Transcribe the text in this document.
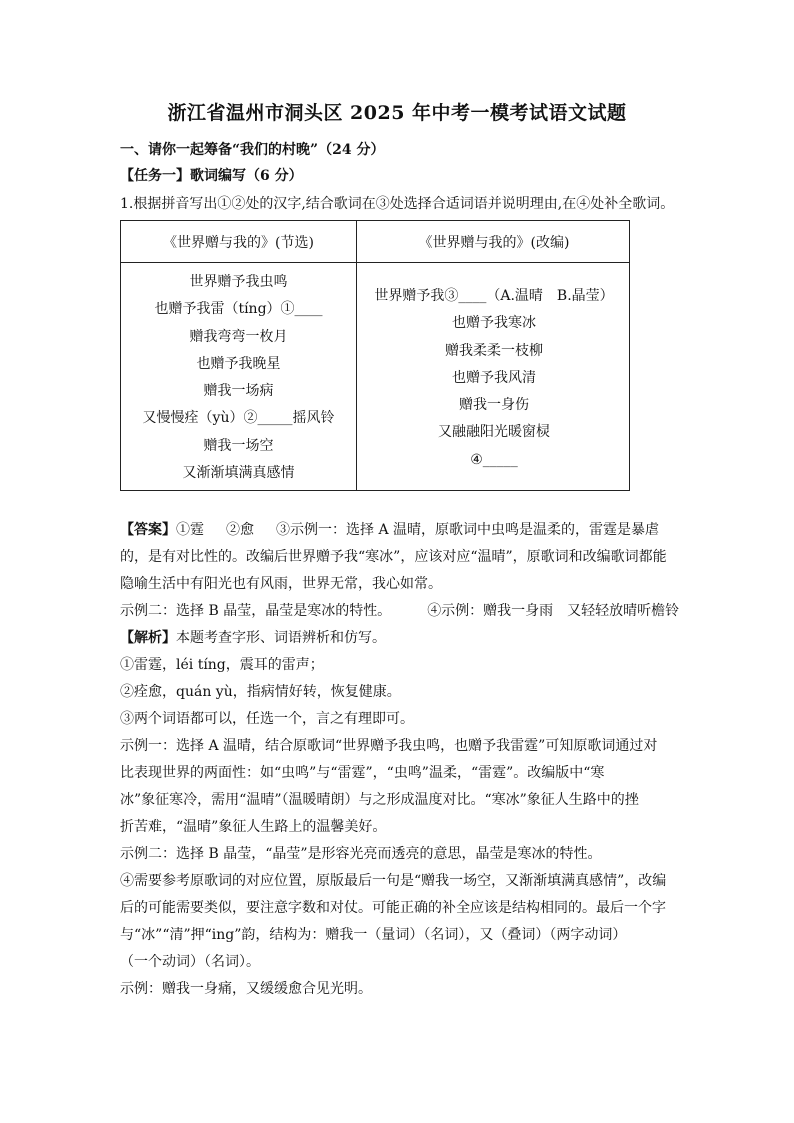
浙江省温州市洞头区 2025 年中考一模考试语文试题
一、请你一起筹备“我们的村晚”（24 分）
【任务一】歌词编写（6 分）
1.根据拼音写出①②处的汉字,结合歌词在③处选择合适词语并说明理由,在④处补全歌词。
《世界赠与我的》(节选)	《世界赠与我的》(改编)
世界赠予我虫鸣
也赠予我雷（tíng）①____
赠我弯弯一枚月
也赠予我晚星
赠我一场病
又慢慢痊（yù）②_____摇风铃
赠我一场空
又渐渐填满真感情
世界赠予我③____（A.温晴　B.晶莹）
也赠予我寒冰
赠我柔柔一枝柳
也赠予我风清
赠我一身伤
又融融阳光暖窗棂
④_____

【答案】①霆 ②愈 ③示例一：选择 A 温晴，原歌词中虫鸣是温柔的，雷霆是暴虐

的，是有对比性的。改编后世界赠予我“寒冰”，应该对应“温晴”，原歌词和改编歌词都能

隐喻生活中有阳光也有风雨，世界无常，我心如常。

示例二：选择 B 晶莹，晶莹是寒冰的特性。	④示例：赠我一身雨　又轻轻放晴听檐铃

【解析】本题考查字形、词语辨析和仿写。

①雷霆，léi tíng，震耳的雷声；

②痊愈，quán yù，指病情好转，恢复健康。

③两个词语都可以，任选一个，言之有理即可。

示例一：选择 A 温晴，结合原歌词“世界赠予我虫鸣，也赠予我雷霆”可知原歌词通过对

比表现世界的两面性：如“虫鸣”与“雷霆”，“虫鸣”温柔，“雷霆”。改编版中“寒

冰”象征寒冷，需用“温晴”（温暖晴朗）与之形成温度对比。“寒冰”象征人生路中的挫

折苦难，“温晴”象征人生路上的温馨美好。

示例二：选择 B 晶莹，“晶莹”是形容光亮而透亮的意思，晶莹是寒冰的特性。

④需要参考原歌词的对应位置，原版最后一句是“赠我一场空，又渐渐填满真感情”，改编

后的可能需要类似，要注意字数和对仗。可能正确的补全应该是结构相同的。最后一个字

与“冰”“清”押“ing”韵，结构为：赠我一（量词）（名词），又（叠词）（两字动词）

（一个动词）（名词）。

示例：赠我一身痛，又缓缓愈合见光明。
